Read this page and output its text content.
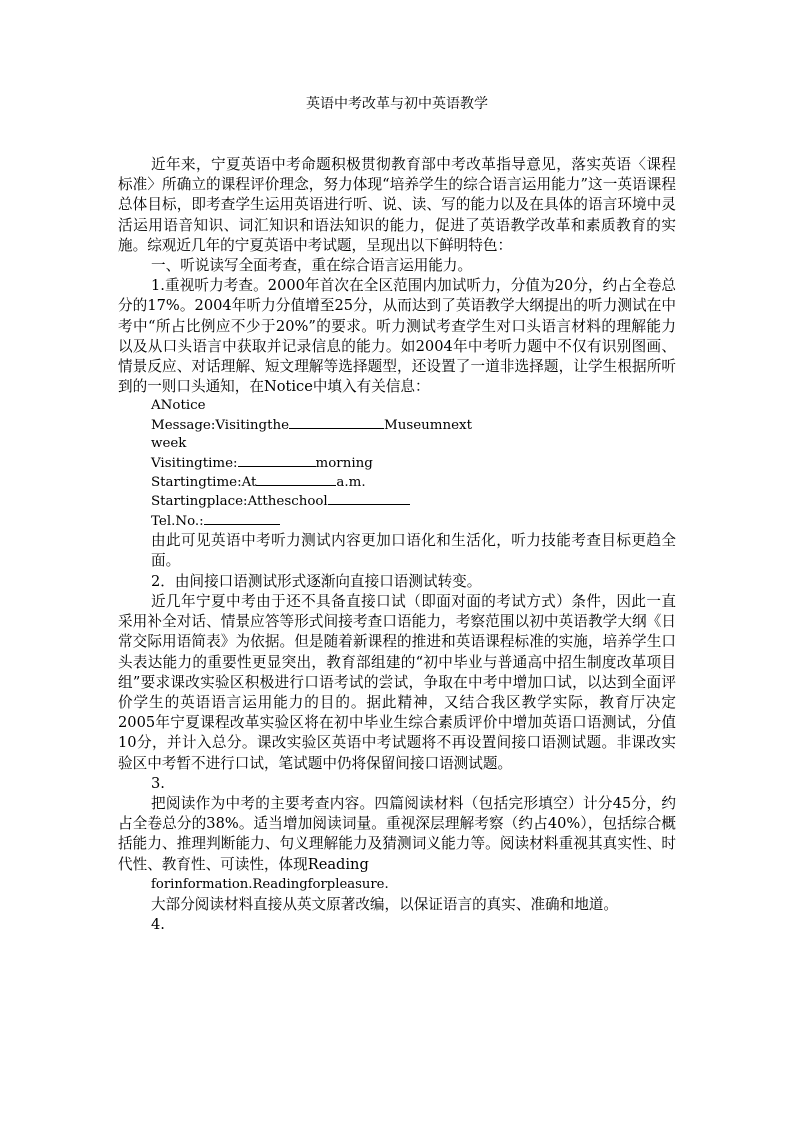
英语中考改革与初中英语教学

近年来，宁夏英语中考命题积极贯彻教育部中考改革指导意见，落实英语〈课程标准〉所确立的课程评价理念，努力体现“培养学生的综合语言运用能力”这一英语课程总体目标，即考查学生运用英语进行听、说、读、写的能力以及在具体的语言环境中灵活运用语音知识、词汇知识和语法知识的能力，促进了英语教学改革和素质教育的实施。综观近几年的宁夏英语中考试题，呈现出以下鲜明特色：

一、听说读写全面考查，重在综合语言运用能力。

1.重视听力考查。2000年首次在全区范围内加试听力，分值为20分，约占全卷总分的17%。2004年听力分值增至25分，从而达到了英语教学大纲提出的听力测试在中考中“所占比例应不少于20%”的要求。听力测试考查学生对口头语言材料的理解能力以及从口头语言中获取并记录信息的能力。如2004年中考听力题中不仅有识别图画、情景反应、对话理解、短文理解等选择题型，还设置了一道非选择题，让学生根据所听到的一则口头通知，在Notice中填入有关信息：

ANotice
Message:Visitingthe	Museumnext
week
Visitingtime:	morning
Startingtime:At	a.m.
Startingplace:Attheschool
Tel.No.:

由此可见英语中考听力测试内容更加口语化和生活化，听力技能考查目标更趋全面。

2．由间接口语测试形式逐渐向直接口语测试转变。

近几年宁夏中考由于还不具备直接口试（即面对面的考试方式）条件，因此一直采用补全对话、情景应答等形式间接考查口语能力，考察范围以初中英语教学大纲《日常交际用语简表》为依据。但是随着新课程的推进和英语课程标准的实施，培养学生口头表达能力的重要性更显突出，教育部组建的“初中毕业与普通高中招生制度改革项目组”要求课改实验区积极进行口语考试的尝试，争取在中考中增加口试，以达到全面评价学生的英语语言运用能力的目的。据此精神，又结合我区教学实际，教育厅决定2005年宁夏课程改革实验区将在初中毕业生综合素质评价中增加英语口语测试，分值10分，并计入总分。课改实验区英语中考试题将不再设置间接口语测试题。非课改实验区中考暂不进行口试，笔试题中仍将保留间接口语测试题。

3.

把阅读作为中考的主要考查内容。四篇阅读材料（包括完形填空）计分45分，约占全卷总分的38%。适当增加阅读词量。重视深层理解考察（约占40%），包括综合概括能力、推理判断能力、句义理解能力及猜测词义能力等。阅读材料重视其真实性、时代性、教育性、可读性，体现Reading

forinformation.Readingforpleasure.

大部分阅读材料直接从英文原著改编，以保证语言的真实、准确和地道。

4.
